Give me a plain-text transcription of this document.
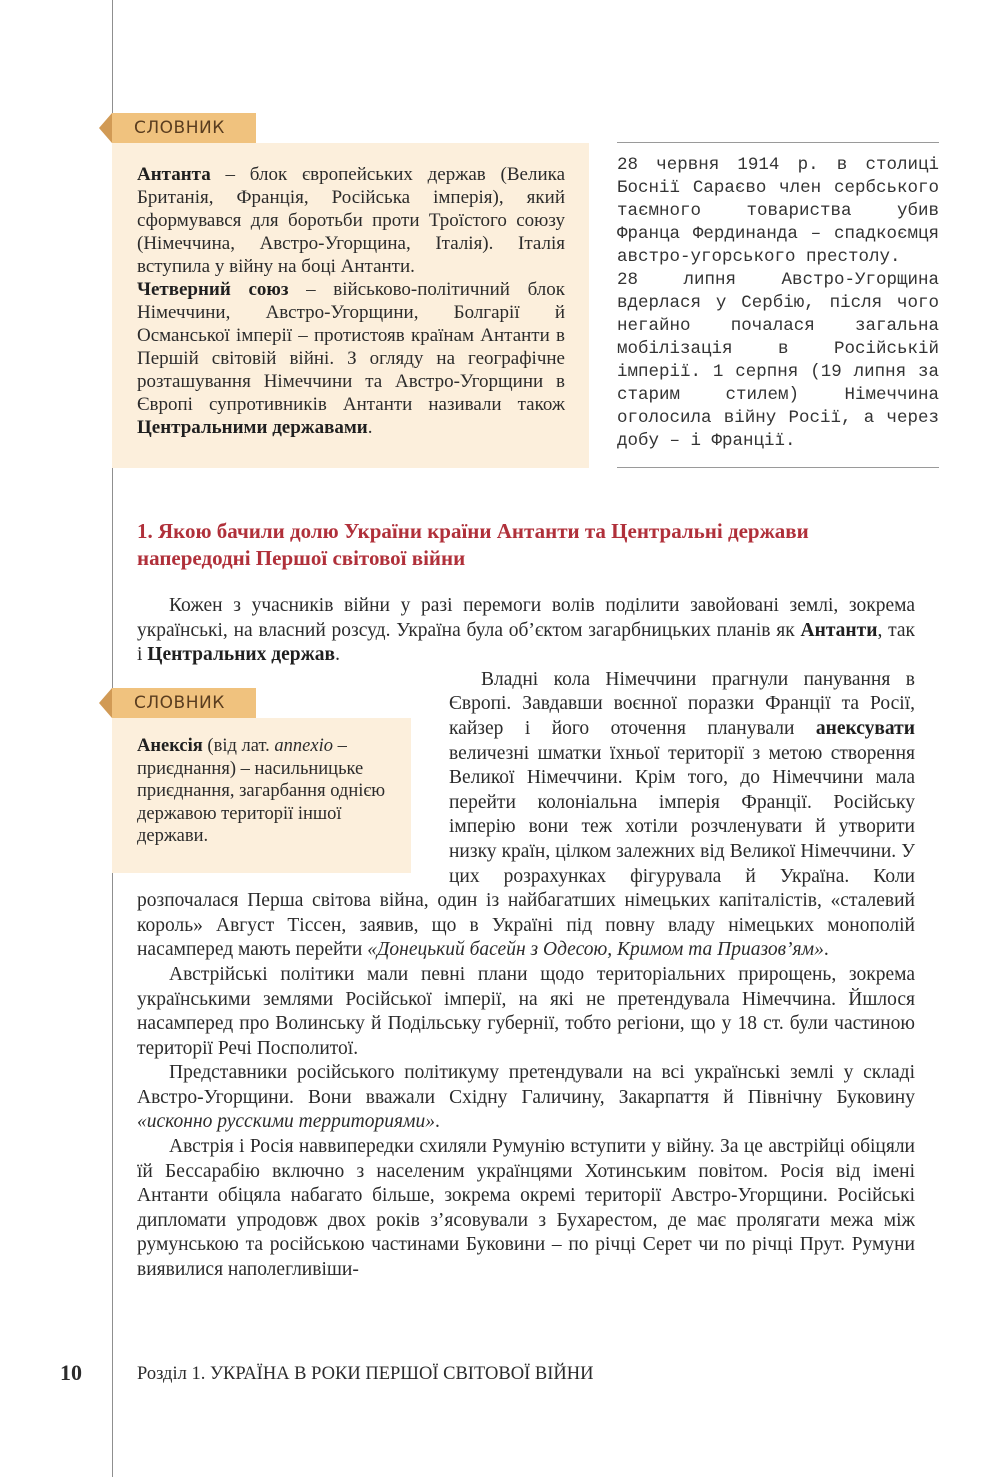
СЛОВНИК

Антанта – блок європейських держав (Велика Британія, Франція, Російська імперія), який сформувався для боротьби проти Троїстого союзу (Німеччина, Австро-Угорщина, Італія). Італія вступила у війну на боці Антанти.

Четверний союз – військово-політичний блок Німеччини, Австро-Угорщини, Болгарії й Османської імперії – протистояв країнам Антанти в Першій світовій війні. З огляду на географічне розташування Німеччини та Австро-Угорщини в Європі супротивників Антанти називали також Центральними державами.

28 червня 1914 р. в столиці Боснії Сараєво член сербського таємного товариства убив Франца Фердинанда – спадкоємця австро-угорського престолу.

28 липня Австро-Угорщина вдерлася у Сербію, після чого негайно почалася загальна мобілізація в Російській імперії. 1 серпня (19 липня за старим стилем) Німеччина оголосила війну Росії, а через добу – і Франції.

1. Якою бачили долю України країни Антанти та Центральні держави напередодні Першої світової війни
СЛОВНИК

Анексія (від лат. annexio – приєднання) – насильницьке приєднання, загарбання однією державою території іншої держави.

Кожен з учасників війни у разі перемоги волів поділити завойовані землі, зокрема українські, на власний розсуд. Україна була об’єктом загарбницьких планів як Антанти, так і Центральних держав.

Владні кола Німеччини прагнули панування в Європі. Завдавши воєнної поразки Франції та Росії, кайзер і його оточення планували анексувати величезні шматки їхньої території з метою створення Великої Німеччини. Крім того, до Німеччини мала перейти колоніальна імперія Франції. Російську імперію вони теж хотіли розчленувати й утворити низку країн, цілком залежних від Великої Німеччини. У цих розрахунках фігурувала й Україна. Коли розпочалася Перша світова війна, один із найбагатших німецьких капіталістів, «сталевий король» Август Тіссен, заявив, що в Україні під повну владу німецьких монополій насамперед мають перейти «Донецький басейн з Одесою, Кримом та Приазов’ям».

Австрійські політики мали певні плани щодо територіальних прирощень, зокрема українськими землями Російської імперії, на які не претендувала Німеччина. Йшлося насамперед про Волинську й Подільську губернії, тобто регіони, що у 18 ст. були частиною території Речі Посполитої.

Представники російського політикуму претендували на всі українські землі у складі Австро-Угорщини. Вони вважали Східну Галичину, Закарпаття й Північну Буковину «исконно русскими территориями».

Австрія і Росія наввипередки схиляли Румунію вступити у війну. За це австрійці обіцяли їй Бессарабію включно з населеним українцями Хотинським повітом. Росія від імені Антанти обіцяла набагато більше, зокрема окремі території Австро-Угорщини. Російські дипломати упродовж двох років з’ясовували з Бухарестом, де має пролягати межа між румунською та російською частинами Буковини – по річці Серет чи по річці Прут. Румуни виявилися наполегливіши-

10	Розділ 1. УКРАЇНА В РОКИ ПЕРШОЇ СВІТОВОЇ ВІЙНИ
